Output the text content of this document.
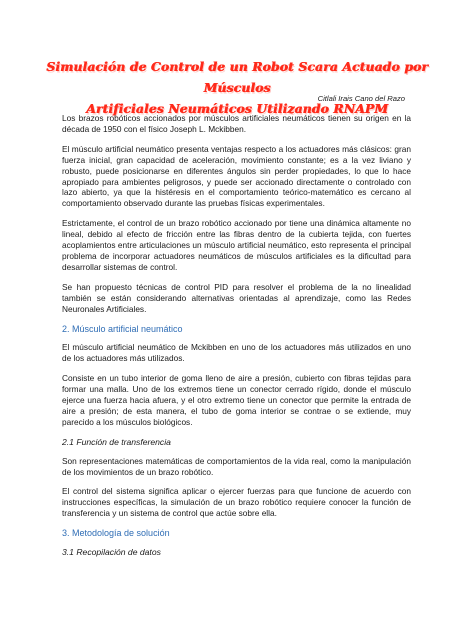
Simulación de Control de un Robot Scara Actuado por Músculos
Artificiales Neumáticos Utilizando RNAPM
Citlali Irais Cano del Razo

Los brazos robóticos accionados por músculos artificiales neumáticos tienen su origen en la década de 1950 con el físico Joseph L. Mckibben.

El músculo artificial neumático presenta ventajas respecto a los actuadores más clásicos: gran fuerza inicial, gran capacidad de aceleración, movimiento constante; es a la vez liviano y robusto, puede posicionarse en diferentes ángulos sin perder propiedades, lo que lo hace apropiado para ambientes peligrosos, y puede ser accionado directamente o controlado con lazo abierto, ya que la histéresis en el comportamiento teórico-matemático es cercano al comportamiento observado durante las pruebas físicas experimentales.

Estrictamente, el control de un brazo robótico accionado por tiene una dinámica altamente no lineal, debido al efecto de fricción entre las fibras dentro de la cubierta tejida, con fuertes acoplamientos entre articulaciones un músculo artificial neumático, esto representa el principal problema de incorporar actuadores neumáticos de músculos artificiales es la dificultad para desarrollar sistemas de control.

Se han propuesto técnicas de control PID para resolver el problema de la no linealidad también se están considerando alternativas orientadas al aprendizaje, como las Redes Neuronales Artificiales.

2. Músculo artificial neumático

El músculo artificial neumático de Mckibben en uno de los actuadores más utilizados en uno de los actuadores más utilizados.

Consiste en un tubo interior de goma lleno de aire a presión, cubierto con fibras tejidas para formar una malla. Uno de los extremos tiene un conector cerrado rígido, donde el músculo ejerce una fuerza hacia afuera, y el otro extremo tiene un conector que permite la entrada de aire a presión; de esta manera, el tubo de goma interior se contrae o se extiende, muy parecido a los músculos biológicos.

2.1 Función de transferencia

Son representaciones matemáticas de comportamientos de la vida real, como la manipulación de los movimientos de un brazo robótico.

El control del sistema significa aplicar o ejercer fuerzas para que funcione de acuerdo con instrucciones específicas, la simulación de un brazo robótico requiere conocer la función de transferencia y un sistema de control que actúe sobre ella.

3. Metodología de solución
3.1 Recopilación de datos
